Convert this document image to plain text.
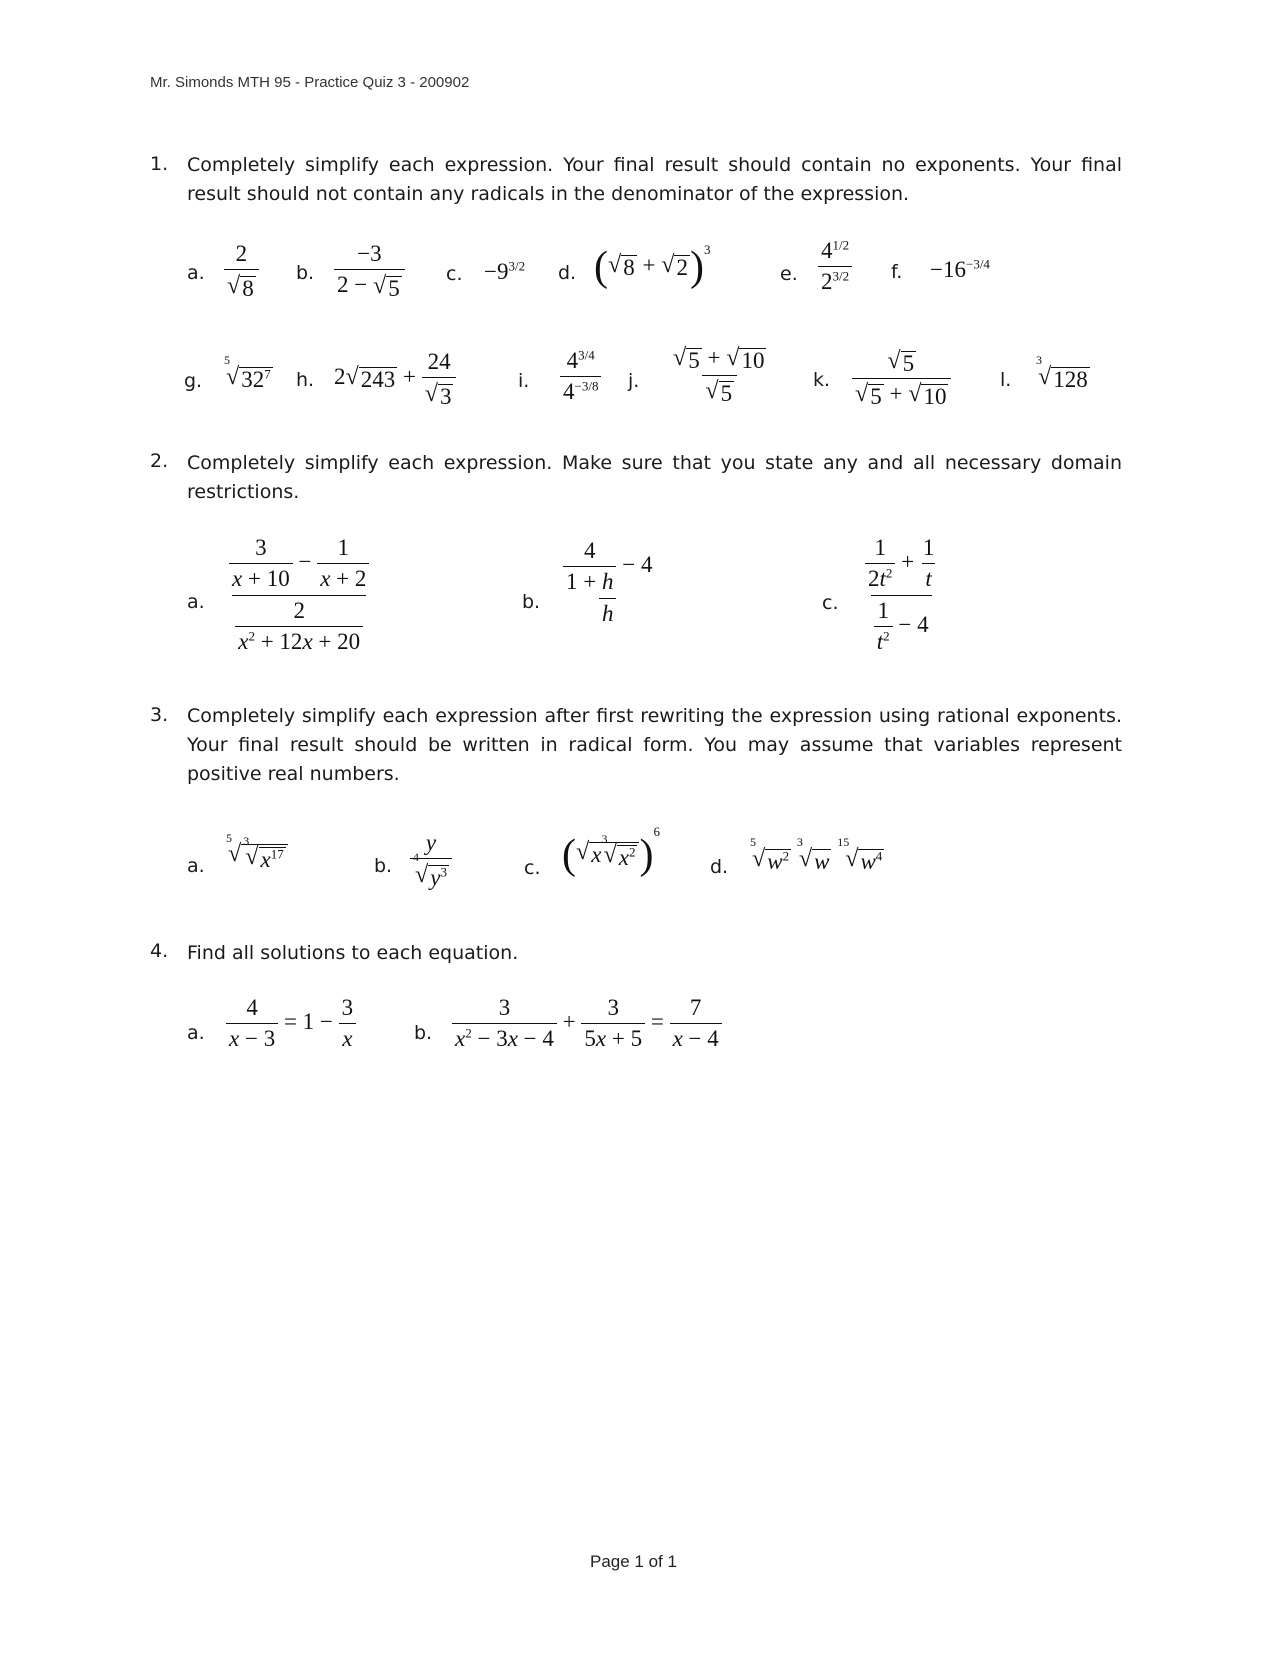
Mr. Simonds MTH 95 - Practice Quiz 3 - 200902
1. Completely simplify each expression. Your final result should contain no exponents. Your final result should not contain any radicals in the denominator of the expression.
a. $\frac{2}{√ 8} b$. $\frac{-3}{2 - √ 5} c$. $-9^{3/2}$ d. ( √ 8 + √ 2 )$^3$
e. $\frac{4^{1/2}}{2^{3/2}} f$. $-16^{-3/4}$
g.
$^5$
√ $32^7$ h. 2 √ $243 + \frac{24}{√ 3}$	i. $\frac{4^{3/4}}{4^{-3/8}} j$. $\frac{√ 5 + √ 10}{√ 5} k$. $\frac{√ 5}{√ 5 + √ 10}$	l.
$^3$
√ 128
2. Completely simplify each expression. Make sure that you state any and all necessary domain restrictions.
a. $\frac{\frac{3}{x + 10} - \frac{1}{x + 2}}{\frac{2}{x^2 + 12x + 20}}$	b. $\frac{\frac{4}{1 + h} - 4}{h}$	c. $\frac{\frac{1}{2t^2} + \frac{1}{t}}{\frac{1}{t^2} - 4}$
3. Completely simplify each expression after first rewriting the expression using rational exponents. Your final result should be written in radical form. You may assume that variables represent positive real numbers.
a.
$^5$
√ $^3$
√ $x^{17}$
b. y
$^4$
√ $y^3$	c. ( √ $x^3$
√ $x^2$ )$^6$
d.
$^5$
√ $w^2$
$^3$
√ w
$^{15}$
√ $w^4$
4. Find all solutions to each equation.
a. $\frac{4}{x - 3} = 1 - \frac{3}{x}$	b. $\frac{3}{x^2 - 3x - 4} + \frac{3}{5x + 5} = \frac{7}{x - 4}$
Page 1 of 1
